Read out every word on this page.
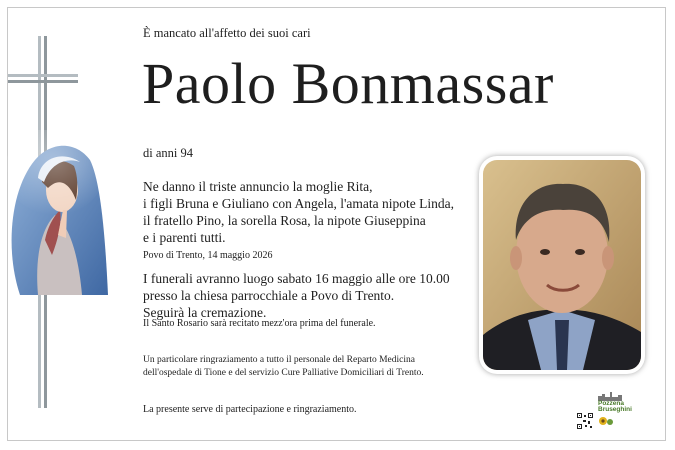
È mancato all'affetto dei suoi cari
Paolo Bonmassar
di anni 94
Ne danno il triste annuncio la moglie Rita,
i figli Bruna e Giuliano con Angela, l'amata nipote Linda,
il fratello Pino, la sorella Rosa, la nipote Giuseppina
e i parenti tutti.
Povo di Trento, 14 maggio 2026
I funerali avranno luogo sabato 16 maggio alle ore 10.00
presso la chiesa parrocchiale a Povo di Trento.
Seguirà la cremazione.
Il Santo Rosario sarà recitato mezz'ora prima del funerale.
Un particolare ringraziamento a tutto il personale del Reparto Medicina
dell'ospedale di Tione e del servizio Cure Palliative Domiciliari di Trento.
La presente serve di partecipazione e ringraziamento.
Pozzena
Bruseghini
